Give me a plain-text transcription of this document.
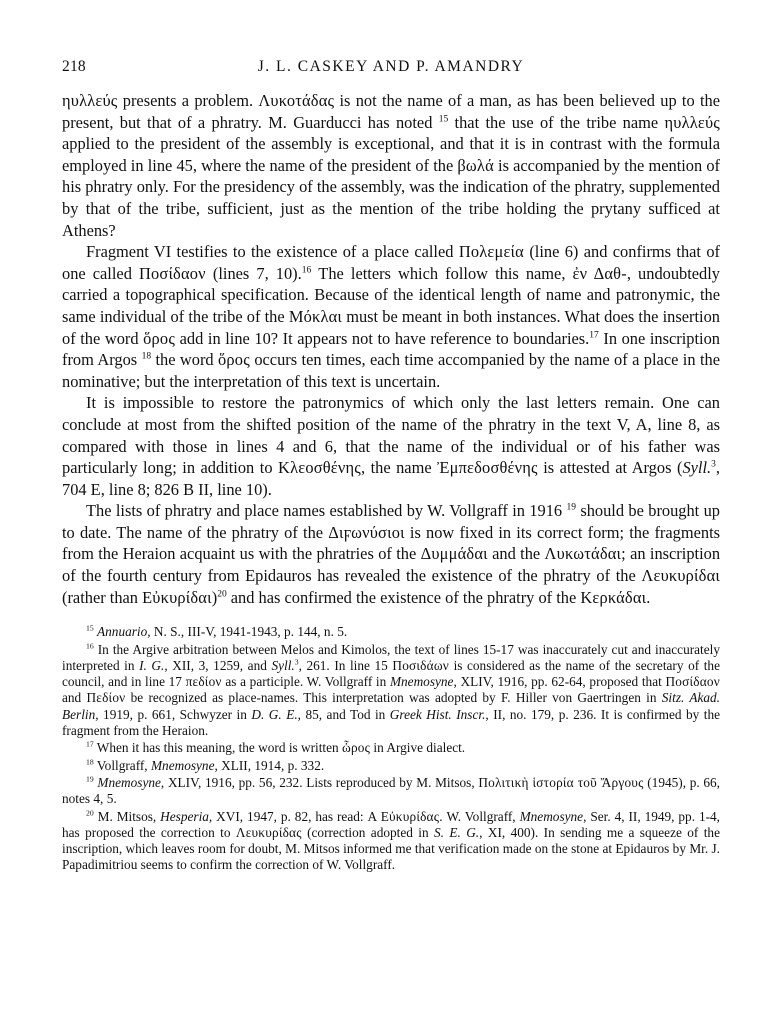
218	J. L. CASKEY AND P. AMANDRY

ηυλλεύς presents a problem. Λυκοτάδας is not the name of a man, as has been believed up to the present, but that of a phratry. M. Guarducci has noted $^{15}$ that the use of the tribe name ηυλλεύς applied to the president of the assembly is exceptional, and that it is in contrast with the formula employed in line 45, where the name of the president of the βωλά is accompanied by the mention of his phratry only. For the presidency of the assembly, was the indication of the phratry, supplemented by that of the tribe, sufficient, just as the mention of the tribe holding the prytany sufficed at Athens?

Fragment VI testifies to the existence of a place called Πολεμεία (line 6) and confirms that of one called Ποσίδαον (lines 7, 10).$^{16}$ The letters which follow this name, ἐν Δαθ-, undoubtedly carried a topographical specification. Because of the identical length of name and patronymic, the same individual of the tribe of the Μόκλαι must be meant in both instances. What does the insertion of the word ὅρος add in line 10? It appears not to have reference to boundaries.$^{17}$ In one inscription from Argos $^{18}$ the word ὅρος occurs ten times, each time accompanied by the name of a place in the nominative; but the interpretation of this text is uncertain.

It is impossible to restore the patronymics of which only the last letters remain. One can conclude at most from the shifted position of the name of the phratry in the text V, A, line 8, as compared with those in lines 4 and 6, that the name of the individual or of his father was particularly long; in addition to Κλεοσθένης, the name Ἐμπεδοσθένης is attested at Argos (Syll.$^3$, 704 E, line 8; 826 B II, line 10).

The lists of phratry and place names established by W. Vollgraff in 1916 $^{19}$ should be brought up to date. The name of the phratry of the Διϝωνύσιοι is now fixed in its correct form; the fragments from the Heraion acquaint us with the phratries of the Δυμμάδαι and the Λυκωτάδαι; an inscription of the fourth century from Epidauros has revealed the existence of the phratry of the Λευκυρίδαι (rather than Εὐκυρίδαι)$^{20}$ and has confirmed the existence of the phratry of the Κερκάδαι.

$^{15}$ Annuario, N. S., III-V, 1941-1943, p. 144, n. 5.

$^{16}$ In the Argive arbitration between Melos and Kimolos, the text of lines 15-17 was inaccurately cut and inaccurately interpreted in I. G., XII, 3, 1259, and Syll.$^3$, 261. In line 15 Ποσιδάων is considered as the name of the secretary of the council, and in line 17 πεδίον as a participle. W. Vollgraff in Mnemosyne, XLIV, 1916, pp. 62-64, proposed that Ποσίδαον and Πεδίον be recognized as place-names. This interpretation was adopted by F. Hiller von Gaertringen in Sitz. Akad. Berlin, 1919, p. 661, Schwyzer in D. G. E., 85, and Tod in Greek Hist. Inscr., II, no. 179, p. 236. It is confirmed by the fragment from the Heraion.

$^{17}$ When it has this meaning, the word is written ὧρος in Argive dialect.

$^{18}$ Vollgraff, Mnemosyne, XLII, 1914, p. 332.

$^{19}$ Mnemosyne, XLIV, 1916, pp. 56, 232. Lists reproduced by M. Mitsos, Πολιτικὴ ἱστορία τοῦ Ἄργους (1945), p. 66, notes 4, 5.

$^{20}$ M. Mitsos, Hesperia, XVI, 1947, p. 82, has read: Α Εὐκυρίδας. W. Vollgraff, Mnemosyne, Ser. 4, II, 1949, pp. 1-4, has proposed the correction to Λευκυρίδας (correction adopted in S. E. G., XI, 400). In sending me a squeeze of the inscription, which leaves room for doubt, M. Mitsos informed me that verification made on the stone at Epidauros by Mr. J. Papadimitriou seems to confirm the correction of W. Vollgraff.
